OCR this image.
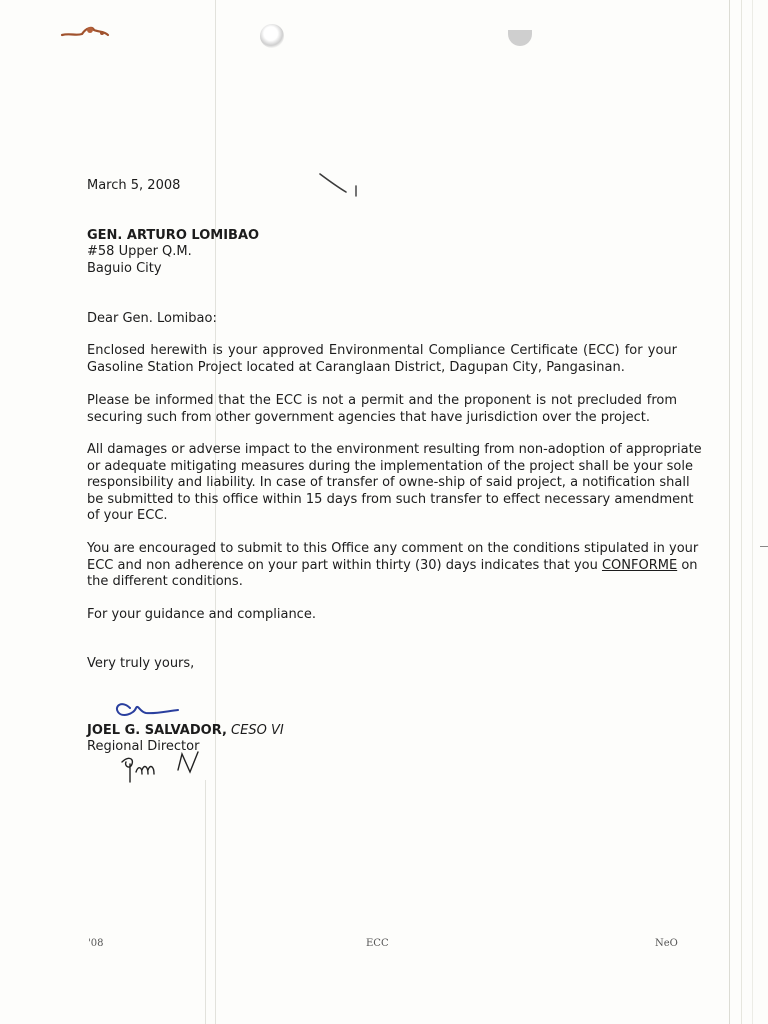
March 5, 2008
GEN. ARTURO LOMIBAO
#58 Upper Q.M.
Baguio City
Dear Gen. Lomibao:
Enclosed herewith is your approved Environmental Compliance Certificate (ECC) for your
Gasoline Station Project located at Caranglaan District, Dagupan City, Pangasinan.
Please be informed that the ECC is not a permit and the proponent is not precluded from
securing such from other government agencies that have jurisdiction over the project.
All damages or adverse impact to the environment resulting from non-adoption of appropriate
or adequate mitigating measures during the implementation of the project shall be your sole
responsibility and liability. In case of transfer of owne-ship of said project, a notification shall
be submitted to this office within 15 days from such transfer to effect necessary amendment
of your ECC.
You are encouraged to submit to this Office any comment on the conditions stipulated in your
ECC and non adherence on your part within thirty (30) days indicates that you CONFORME on
the different conditions.
For your guidance and compliance.
Very truly yours,
JOEL G. SALVADOR, CESO VI
Regional Director
'08	ECC	NeO
